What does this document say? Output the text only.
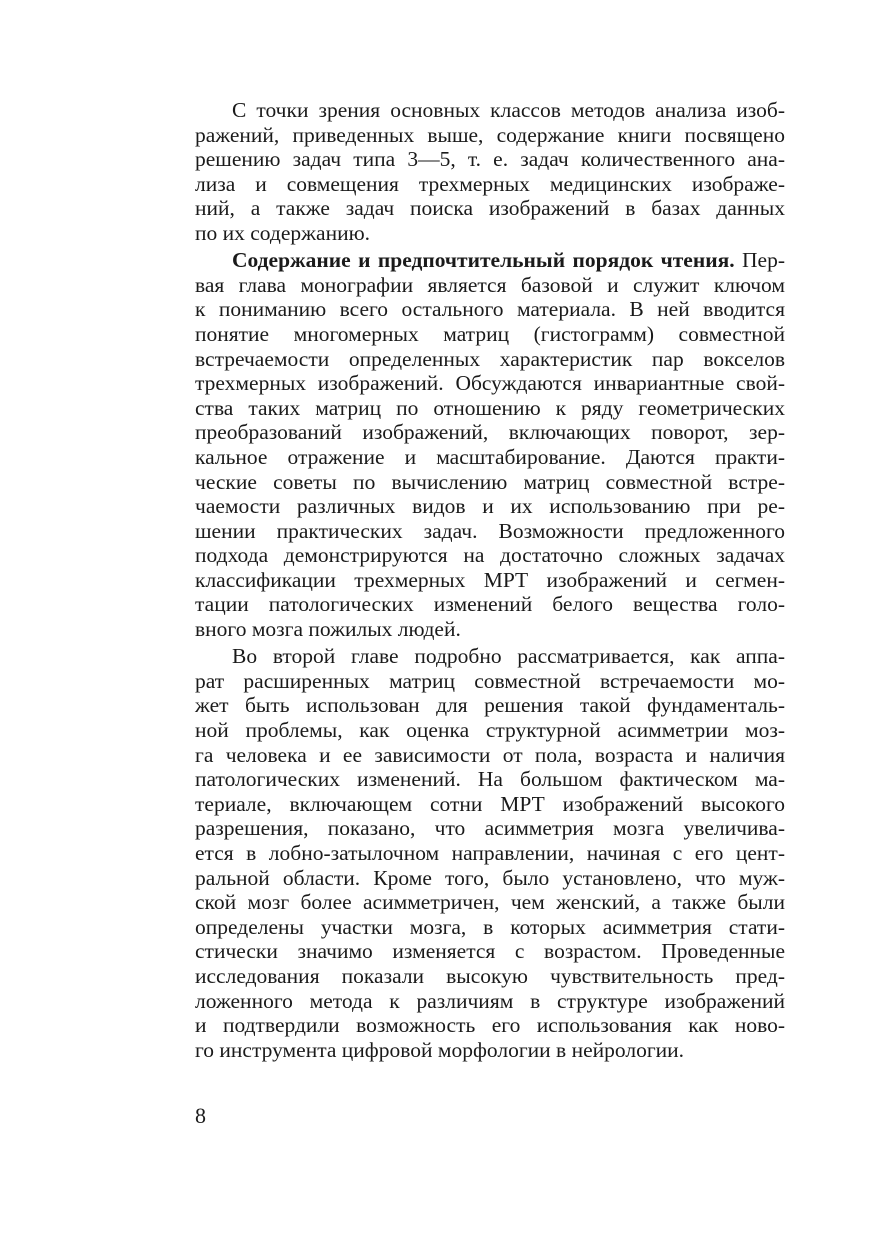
С точки зрения основных классов методов анализа изоб-
ражений, приведенных выше, содержание книги посвящено
решению задач типа 3—5, т. е. задач количественного ана-
лиза и совмещения трехмерных медицинских изображе-
ний, а также задач поиска изображений в базах данных
по их содержанию.
Содержание и предпочтительный порядок чтения. Пер-
вая глава монографии является базовой и служит ключом
к пониманию всего остального материала. В ней вводится
понятие многомерных матриц (гистограмм) совместной
встречаемости определенных характеристик пар вокселов
трехмерных изображений. Обсуждаются инвариантные свой-
ства таких матриц по отношению к ряду геометрических
преобразований изображений, включающих поворот, зер-
кальное отражение и масштабирование. Даются практи-
ческие советы по вычислению матриц совместной встре-
чаемости различных видов и их использованию при ре-
шении практических задач. Возможности предложенного
подхода демонстрируются на достаточно сложных задачах
классификации трехмерных МРТ изображений и сегмен-
тации патологических изменений белого вещества голо-
вного мозга пожилых людей.
Во второй главе подробно рассматривается, как аппа-
рат расширенных матриц совместной встречаемости мо-
жет быть использован для решения такой фундаменталь-
ной проблемы, как оценка структурной асимметрии моз-
га человека и ее зависимости от пола, возраста и наличия
патологических изменений. На большом фактическом ма-
териале, включающем сотни МРТ изображений высокого
разрешения, показано, что асимметрия мозга увеличива-
ется в лобно-затылочном направлении, начиная с его цент-
ральной области. Кроме того, было установлено, что муж-
ской мозг более асимметричен, чем женский, а также были
определены участки мозга, в которых асимметрия стати-
стически значимо изменяется с возрастом. Проведенные
исследования показали высокую чувствительность пред-
ложенного метода к различиям в структуре изображений
и подтвердили возможность его использования как ново-
го инструмента цифровой морфологии в нейрологии.
8
